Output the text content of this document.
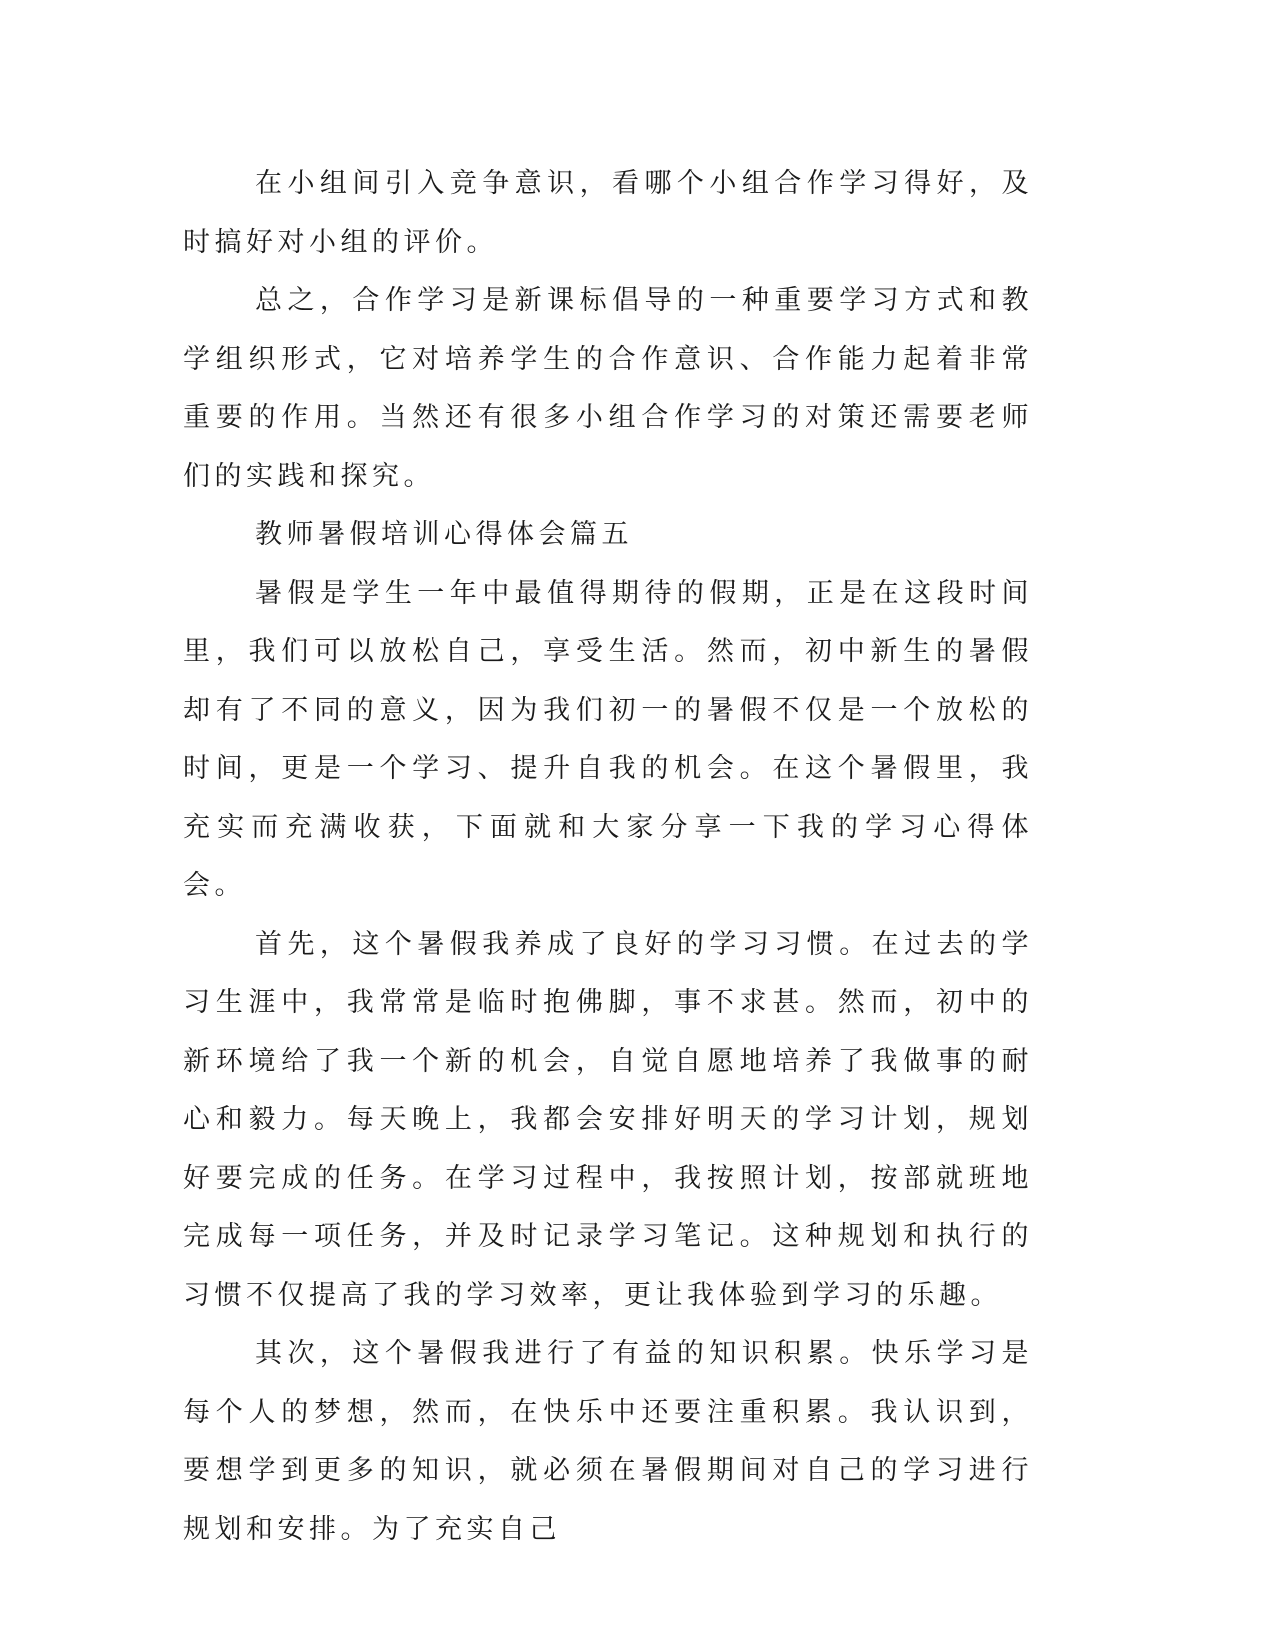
在小组间引入竞争意识，看哪个小组合作学习得好，及时搞好对小组的评价。

总之，合作学习是新课标倡导的一种重要学习方式和教学组织形式，它对培养学生的合作意识、合作能力起着非常重要的作用。当然还有很多小组合作学习的对策还需要老师们的实践和探究。

教师暑假培训心得体会篇五

暑假是学生一年中最值得期待的假期，正是在这段时间里，我们可以放松自己，享受生活。然而，初中新生的暑假却有了不同的意义，因为我们初一的暑假不仅是一个放松的时间，更是一个学习、提升自我的机会。在这个暑假里，我充实而充满收获，下面就和大家分享一下我的学习心得体会。

首先，这个暑假我养成了良好的学习习惯。在过去的学习生涯中，我常常是临时抱佛脚，事不求甚。然而，初中的新环境给了我一个新的机会，自觉自愿地培养了我做事的耐心和毅力。每天晚上，我都会安排好明天的学习计划，规划好要完成的任务。在学习过程中，我按照计划，按部就班地完成每一项任务，并及时记录学习笔记。这种规划和执行的习惯不仅提高了我的学习效率，更让我体验到学习的乐趣。

其次，这个暑假我进行了有益的知识积累。快乐学习是每个人的梦想，然而，在快乐中还要注重积累。我认识到，要想学到更多的知识，就必须在暑假期间对自己的学习进行规划和安排。为了充实自己
